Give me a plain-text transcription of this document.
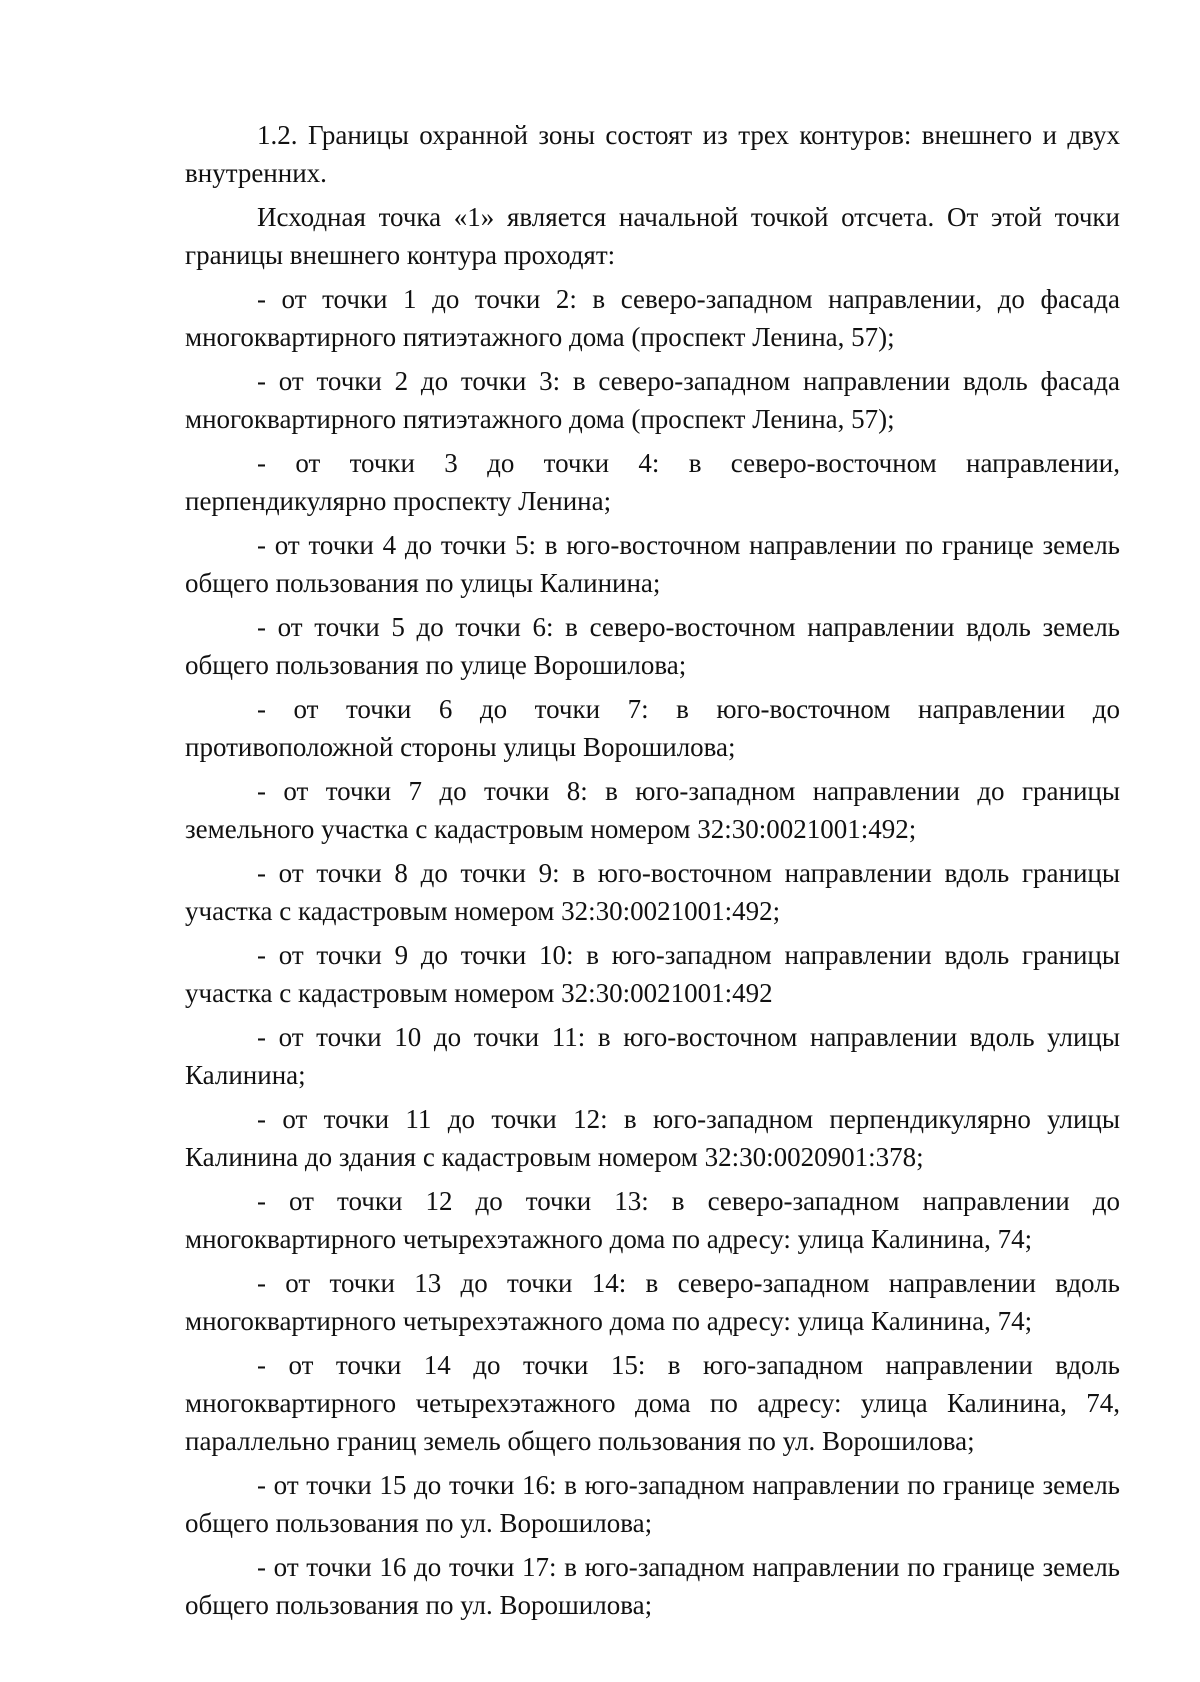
1.2. Границы охранной зоны состоят из трех контуров: внешнего и двух внутренних.

Исходная точка «1» является начальной точкой отсчета. От этой точки границы внешнего контура проходят:

- от точки 1 до точки 2: в северо-западном направлении, до фасада многоквартирного пятиэтажного дома (проспект Ленина, 57);

- от точки 2 до точки 3: в северо-западном направлении вдоль фасада многоквартирного пятиэтажного дома (проспект Ленина, 57);

- от точки 3 до точки 4: в северо-восточном направлении, перпендикулярно проспекту Ленина;

- от точки 4 до точки 5: в юго-восточном направлении по границе земель общего пользования по улицы Калинина;

- от точки 5 до точки 6: в северо-восточном направлении вдоль земель общего пользования по улице Ворошилова;

- от точки 6 до точки 7: в юго-восточном направлении до противоположной стороны улицы Ворошилова;

- от точки 7 до точки 8: в юго-западном направлении до границы земельного участка с кадастровым номером 32:30:0021001:492;

- от точки 8 до точки 9: в юго-восточном направлении вдоль границы участка с кадастровым номером 32:30:0021001:492;

- от точки 9 до точки 10: в юго-западном направлении вдоль границы участка с кадастровым номером 32:30:0021001:492

- от точки 10 до точки 11: в юго-восточном направлении вдоль улицы Калинина;

- от точки 11 до точки 12: в юго-западном перпендикулярно улицы Калинина до здания с кадастровым номером 32:30:0020901:378;

- от точки 12 до точки 13: в северо-западном направлении до многоквартирного четырехэтажного дома по адресу: улица Калинина, 74;

- от точки 13 до точки 14: в северо-западном направлении вдоль многоквартирного четырехэтажного дома по адресу: улица Калинина, 74;

- от точки 14 до точки 15: в юго-западном направлении вдоль многоквартирного четырехэтажного дома по адресу: улица Калинина, 74, параллельно границ земель общего пользования по ул. Ворошилова;

- от точки 15 до точки 16: в юго-западном направлении по границе земель общего пользования по ул. Ворошилова;

- от точки 16 до точки 17: в юго-западном направлении по границе земель общего пользования по ул. Ворошилова;
